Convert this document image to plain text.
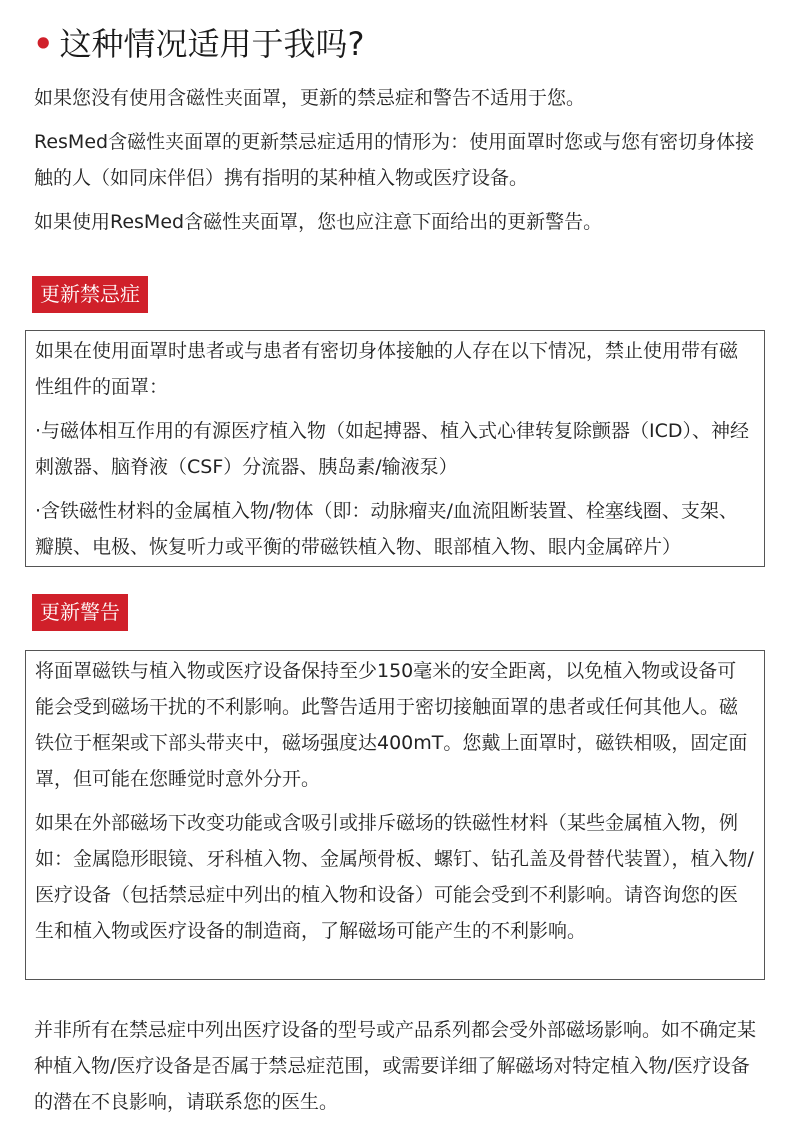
• 这种情况适用于我吗?

如果您没有使用含磁性夹面罩，更新的禁忌症和警告不适用于您。

ResMed含磁性夹面罩的更新禁忌症适用的情形为：使用面罩时您或与您有密切身体接触的人（如同床伴侣）携有指明的某种植入物或医疗设备。

如果使用ResMed含磁性夹面罩，您也应注意下面给出的更新警告。

更新禁忌症

如果在使用面罩时患者或与患者有密切身体接触的人存在以下情况，禁止使用带有磁性组件的面罩：

·与磁体相互作用的有源医疗植入物（如起搏器、植入式心律转复除颤器（ICD）、神经刺激器、脑脊液（CSF）分流器、胰岛素/输液泵）

·含铁磁性材料的金属植入物/物体（即：动脉瘤夹/血流阻断装置、栓塞线圈、支架、瓣膜、电极、恢复听力或平衡的带磁铁植入物、眼部植入物、眼内金属碎片）

更新警告

将面罩磁铁与植入物或医疗设备保持至少150毫米的安全距离，以免植入物或设备可能会受到磁场干扰的不利影响。此警告适用于密切接触面罩的患者或任何其他人。磁铁位于框架或下部头带夹中，磁场强度达400mT。您戴上面罩时，磁铁相吸，固定面罩，但可能在您睡觉时意外分开。

如果在外部磁场下改变功能或含吸引或排斥磁场的铁磁性材料（某些金属植入物，例如：金属隐形眼镜、牙科植入物、金属颅骨板、螺钉、钻孔盖及骨替代装置），植入物/医疗设备（包括禁忌症中列出的植入物和设备）可能会受到不利影响。请咨询您的医生和植入物或医疗设备的制造商，了解磁场可能产生的不利影响。

并非所有在禁忌症中列出医疗设备的型号或产品系列都会受外部磁场影响。如不确定某种植入物/医疗设备是否属于禁忌症范围，或需要详细了解磁场对特定植入物/医疗设备的潜在不良影响，请联系您的医生。
